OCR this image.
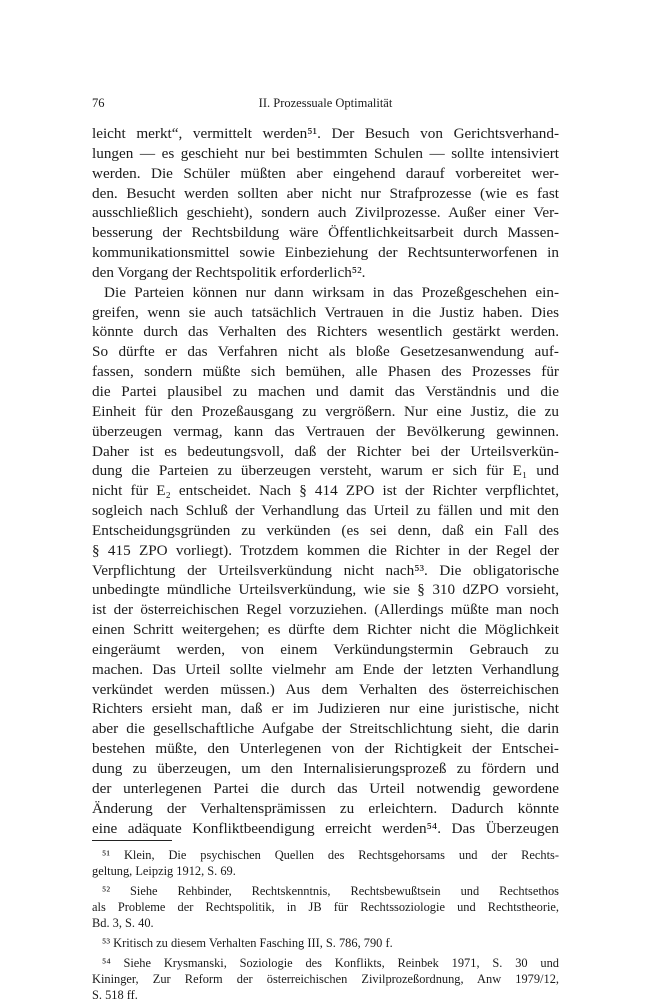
76	II. Prozessuale Optimalität
leicht merkt“, vermittelt werden⁵¹. Der Besuch von Gerichtsverhand-
lungen — es geschieht nur bei bestimmten Schulen — sollte intensiviert
werden. Die Schüler müßten aber eingehend darauf vorbereitet wer-
den. Besucht werden sollten aber nicht nur Strafprozesse (wie es fast
ausschließlich geschieht), sondern auch Zivilprozesse. Außer einer Ver-
besserung der Rechtsbildung wäre Öffentlichkeitsarbeit durch Massen-
kommunikationsmittel sowie Einbeziehung der Rechtsunterworfenen in
den Vorgang der Rechtspolitik erforderlich⁵².
Die Parteien können nur dann wirksam in das Prozeßgeschehen ein-
greifen, wenn sie auch tatsächlich Vertrauen in die Justiz haben. Dies
könnte durch das Verhalten des Richters wesentlich gestärkt werden.
So dürfte er das Verfahren nicht als bloße Gesetzesanwendung auf-
fassen, sondern müßte sich bemühen, alle Phasen des Prozesses für
die Partei plausibel zu machen und damit das Verständnis und die
Einheit für den Prozeßausgang zu vergrößern. Nur eine Justiz, die zu
überzeugen vermag, kann das Vertrauen der Bevölkerung gewinnen.
Daher ist es bedeutungsvoll, daß der Richter bei der Urteilsverkün-
dung die Parteien zu überzeugen versteht, warum er sich für E₁ und
nicht für E₂ entscheidet. Nach § 414 ZPO ist der Richter verpflichtet,
sogleich nach Schluß der Verhandlung das Urteil zu fällen und mit den
Entscheidungsgründen zu verkünden (es sei denn, daß ein Fall des
§ 415 ZPO vorliegt). Trotzdem kommen die Richter in der Regel der
Verpflichtung der Urteilsverkündung nicht nach⁵³. Die obligatorische
unbedingte mündliche Urteilsverkündung, wie sie § 310 dZPO vorsieht,
ist der österreichischen Regel vorzuziehen. (Allerdings müßte man noch
einen Schritt weitergehen; es dürfte dem Richter nicht die Möglichkeit
eingeräumt werden, von einem Verkündungstermin Gebrauch zu
machen. Das Urteil sollte vielmehr am Ende der letzten Verhandlung
verkündet werden müssen.) Aus dem Verhalten des österreichischen
Richters ersieht man, daß er im Judizieren nur eine juristische, nicht
aber die gesellschaftliche Aufgabe der Streitschlichtung sieht, die darin
bestehen müßte, den Unterlegenen von der Richtigkeit der Entschei-
dung zu überzeugen, um den Internalisierungsprozeß zu fördern und
der unterlegenen Partei die durch das Urteil notwendig gewordene
Änderung der Verhaltensprämissen zu erleichtern. Dadurch könnte
eine adäquate Konfliktbeendigung erreicht werden⁵⁴. Das Überzeugen
⁵¹ Klein, Die psychischen Quellen des Rechtsgehorsams und der Rechts-
geltung, Leipzig 1912, S. 69.
⁵² Siehe Rehbinder, Rechtskenntnis, Rechtsbewußtsein und Rechtsethos
als Probleme der Rechtspolitik, in JB für Rechtssoziologie und Rechtstheorie,
Bd. 3, S. 40.
⁵³ Kritisch zu diesem Verhalten Fasching III, S. 786, 790 f.
⁵⁴ Siehe Krysmanski, Soziologie des Konflikts, Reinbek 1971, S. 30 und
Kininger, Zur Reform der österreichischen Zivilprozeßordnung, Anw 1979/12,
S. 518 ff.
